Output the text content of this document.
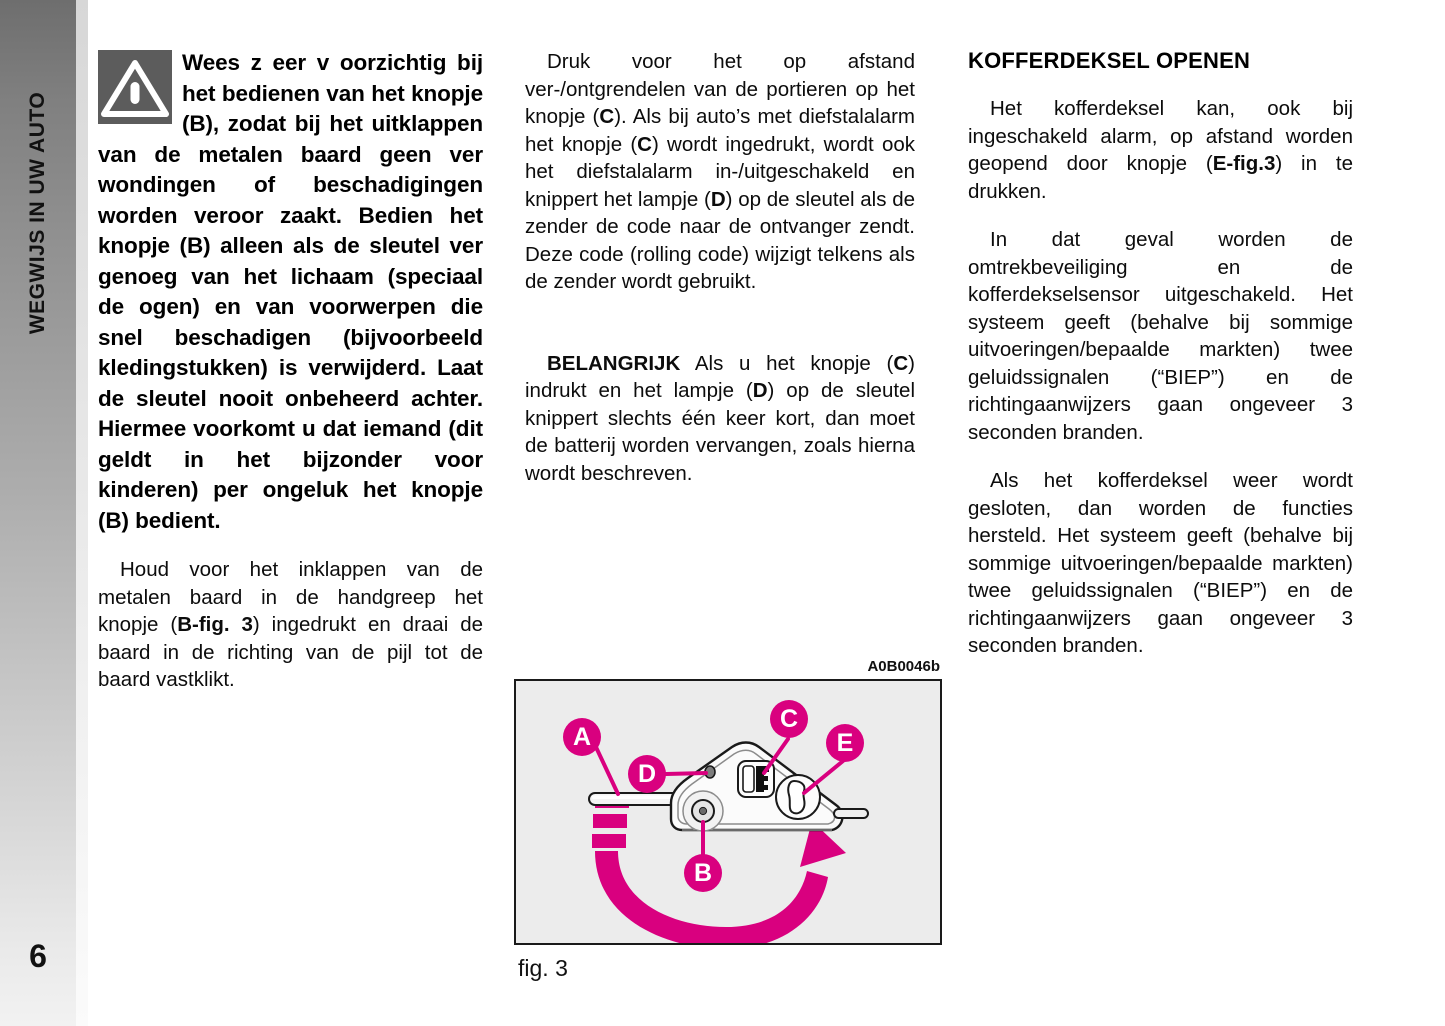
WEGWIJS IN UW AUTO
6
Wees z eer v oorzichtig bij het bedienen van het knopje (B), zodat bij het uitklappen van de metalen baard geen ver wondingen of beschadigingen worden veroor zaakt. Bedien het knopje (B) alleen als de sleutel ver genoeg van het lichaam (speciaal de ogen) en van voorwerpen die snel beschadigen (bijvoorbeeld kledingstukken) is verwijderd. Laat de sleutel nooit onbeheerd achter. Hiermee voorkomt u dat iemand (dit geldt in het bijzonder voor kinderen) per ongeluk het knopje (B) bedient.

Houd voor het inklappen van de metalen baard in de handgreep het knopje (B-fig. 3) ingedrukt en draai de baard in de richting van de pijl tot de baard vastklikt.

Druk voor het op afstand ver-/ontgrendelen van de portieren op het knopje (C). Als bij auto’s met diefstalalarm het knopje (C) wordt ingedrukt, wordt ook het diefstalalarm in-/uitgeschakeld en knippert het lampje (D) op de sleutel als de zender de code naar de ontvanger zendt. Deze code (rolling code) wijzigt telkens als de zender wordt gebruikt.

BELANGRIJK Als u het knopje (C) indrukt en het lampje (D) op de sleutel knippert slechts één keer kort, dan moet de batterij worden vervangen, zoals hierna wordt beschreven.

KOFFERDEKSEL OPENEN

Het kofferdeksel kan, ook bij ingeschakeld alarm, op afstand worden geopend door knopje (E-fig.3) in te drukken.

In dat geval worden de omtrekbeveiliging en de kofferdekselsensor uitgeschakeld. Het systeem geeft (behalve bij sommige uitvoeringen/bepaalde markten) twee geluidssignalen (“BIEP”) en de richtingaanwijzers gaan ongeveer 3 seconden branden.

Als het kofferdeksel weer wordt gesloten, dan worden de functies hersteld. Het systeem geeft (behalve bij sommige uitvoeringen/bepaalde markten) twee geluidssignalen (“BIEP”) en de richtingaanwijzers gaan ongeveer 3 seconden branden.

A0B0046b
A
D
C
E
B
fig. 3
